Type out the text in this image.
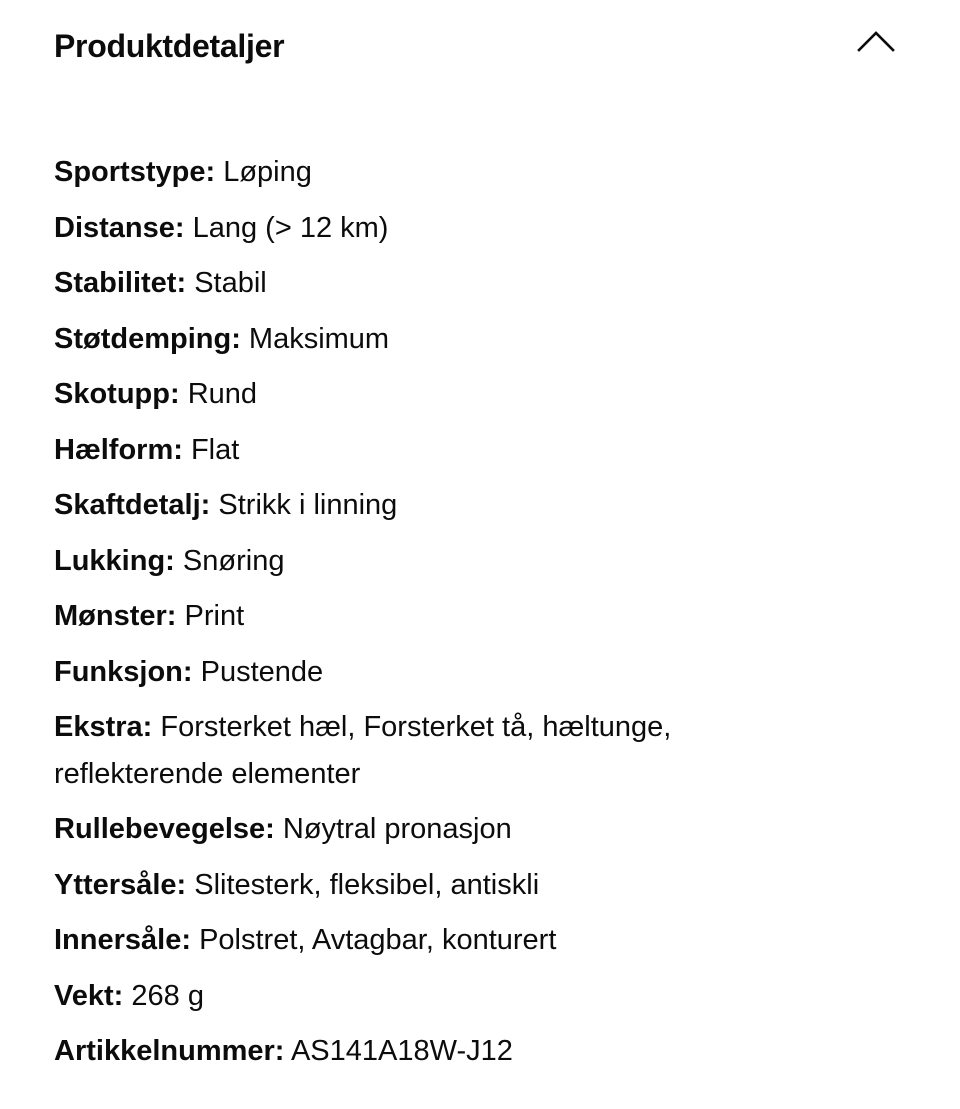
Produktdetaljer
Sportstype: Løping
Distanse: Lang (> 12 km)
Stabilitet: Stabil
Støtdemping: Maksimum
Skotupp: Rund
Hælform: Flat
Skaftdetalj: Strikk i linning
Lukking: Snøring
Mønster: Print
Funksjon: Pustende
Ekstra: Forsterket hæl, Forsterket tå, hæltunge, reflekterende elementer
Rullebevegelse: Nøytral pronasjon
Yttersåle: Slitesterk, fleksibel, antiskli
Innersåle: Polstret, Avtagbar, konturert
Vekt: 268 g
Artikkelnummer: AS141A18W-J12
